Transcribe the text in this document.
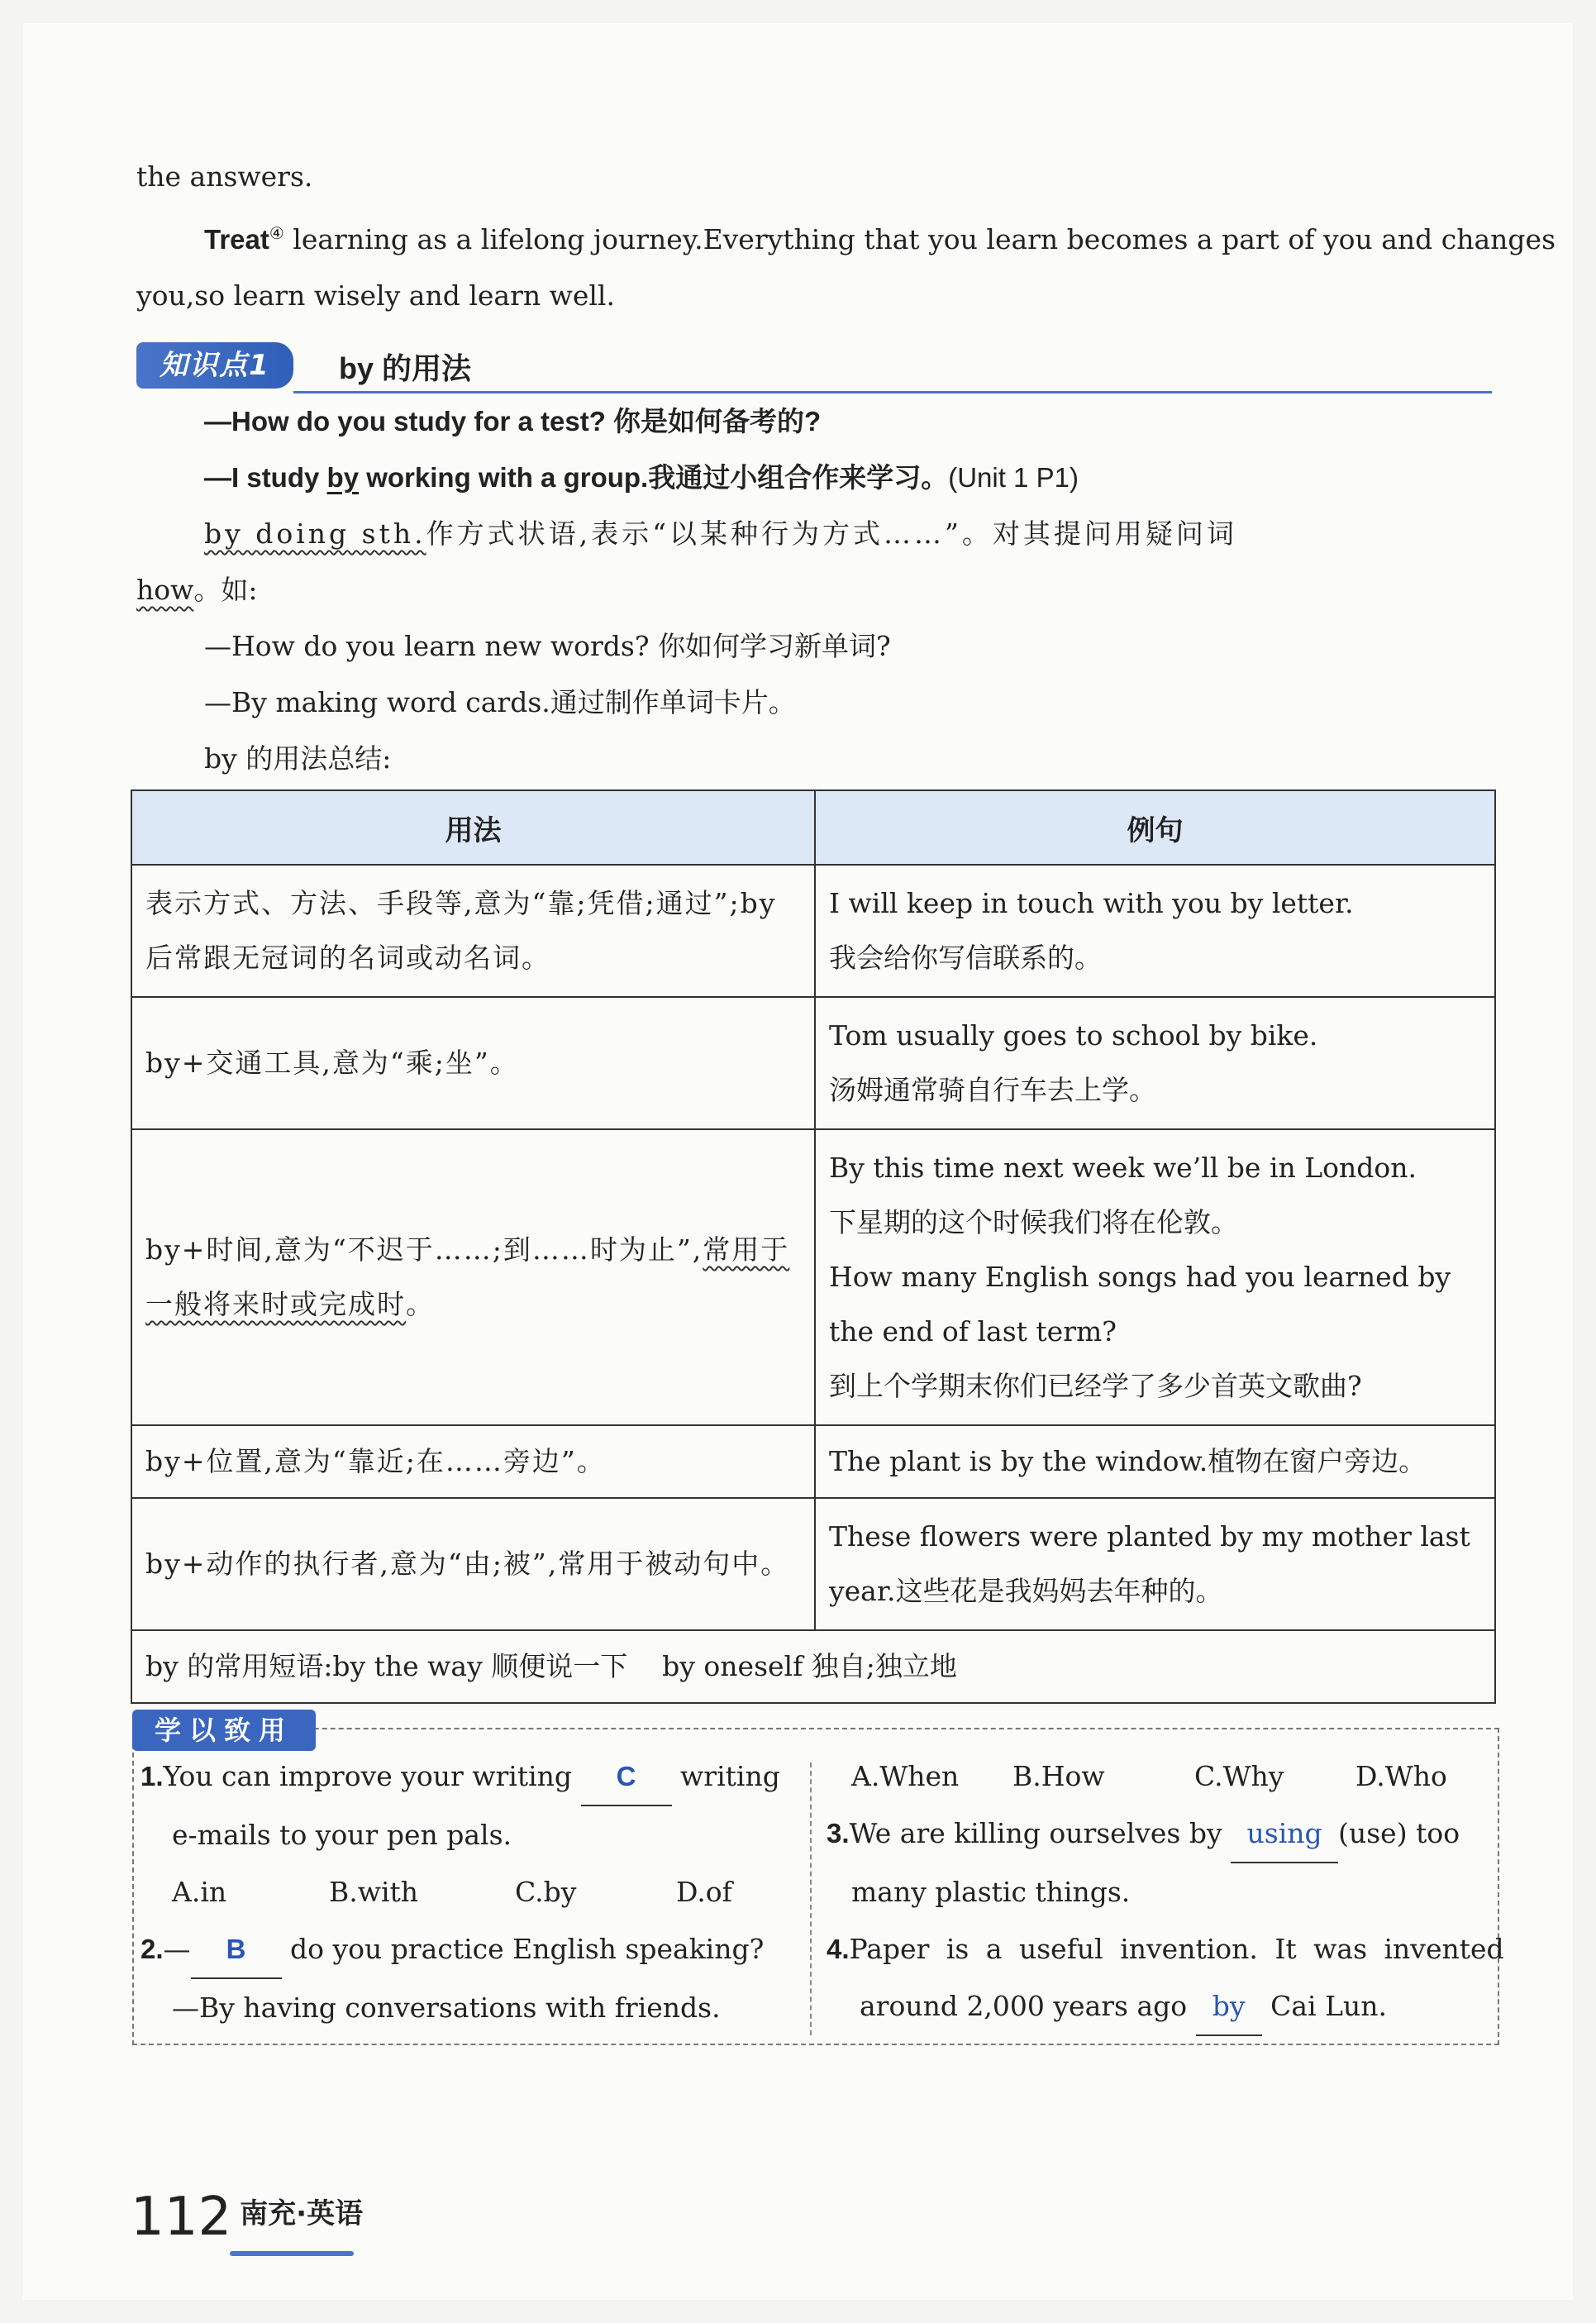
the answers.

Treat④ learning as a lifelong journey.Everything that you learn becomes a part of you and changes

you,so learn wisely and learn well.

知识点1	by 的用法

—How do you study for a test? 你是如何备考的?

—I study by working with a group.我通过小组合作来学习。(Unit 1 P1)

by doing sth.作方式状语,表示“以某种行为方式……”。对其提问用疑问词

how。如:

—How do you learn new words? 你如何学习新单词?

—By making word cards.通过制作单词卡片。

by 的用法总结:

用法	例句
表示方式、方法、手段等,意为“靠;凭借;通过”;by 后常跟无冠词的名词或动名词。	I will keep in touch with you by letter.
我会给你写信联系的。

by+交通工具,意为“乘;坐”。	Tom usually goes to school by bike.
汤姆通常骑自行车去上学。

by+时间,意为“不迟于……;到……时为止”,常用于一般将来时或完成时。	By this time next week we’ll be in London.
下星期的这个时候我们将在伦敦。
How many English songs had you learned by the end of last term?
到上个学期末你们已经学了多少首英文歌曲?

by+位置,意为“靠近;在……旁边”。	The plant is by the window.植物在窗户旁边。

by+动作的执行者,意为“由;被”,常用于被动句中。	These flowers were planted by my mother last year.这些花是我妈妈去年种的。
by 的常用短语:by the way 顺便说一下    by oneself 独自;独立地	
学以致用
1.You can improve your writing C writing
e-mails to your pen pals.
A.in	B.with	C.by	D.of
2.— B do you practice English speaking?
—By having conversations with friends.
A.When	B.How	C.Why	D.Who
3.We are killing ourselves by using (use) too
many plastic things.
4.Paper is a useful invention. It was invented
around 2,000 years ago by Cai Lun.
112 南充·英语
